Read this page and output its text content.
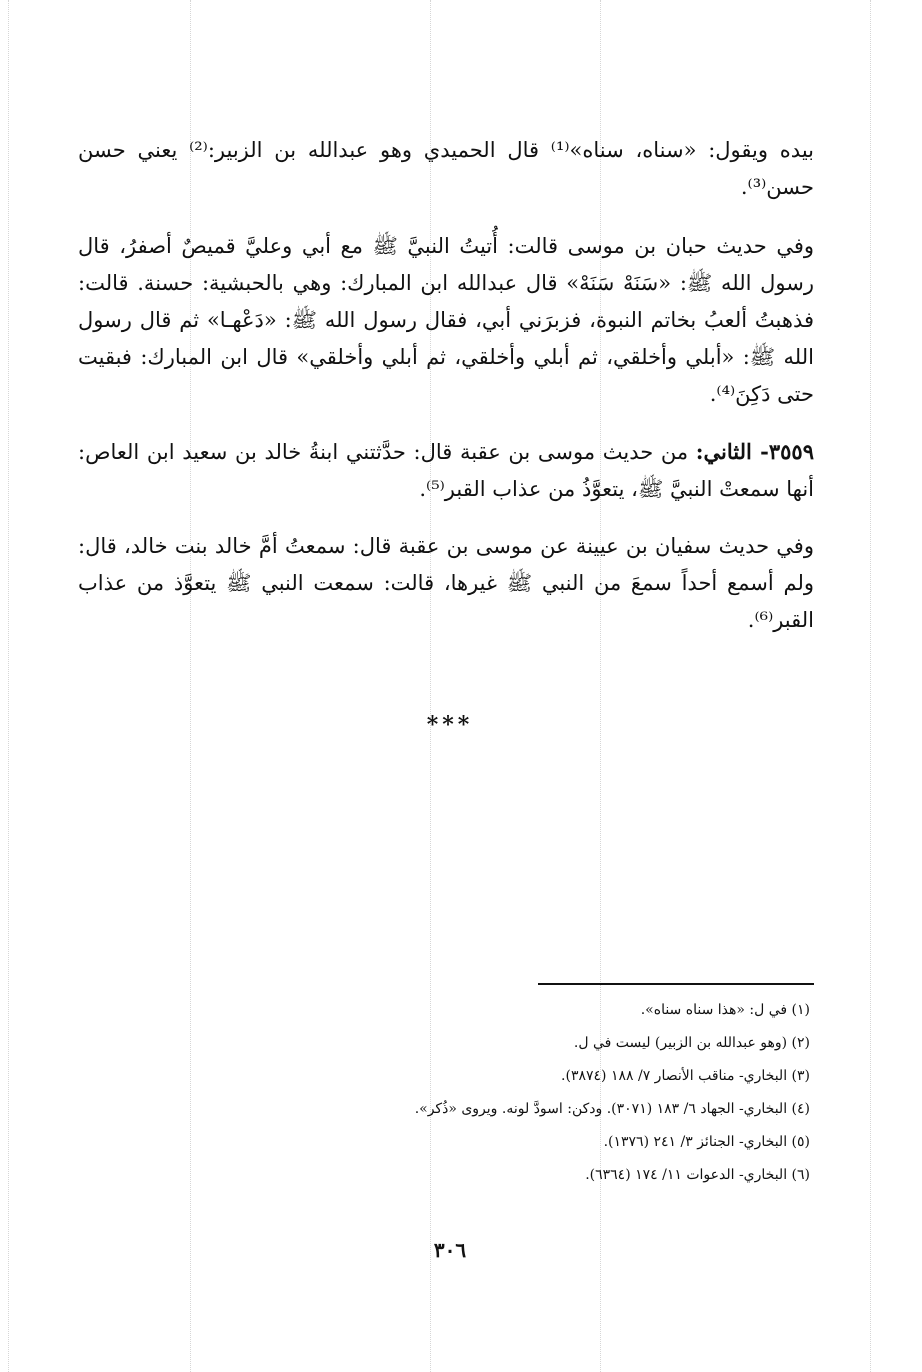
بيده ويقول: «سناه، سناه»⁽¹⁾ قال الحميدي وهو عبدالله بن الزبير:⁽²⁾ يعني حسن حسن⁽³⁾.

وفي حديث حبان بن موسى قالت: أُتيتُ النبيَّ ﷺ مع أبي وعليَّ قميصٌ أصفرُ، قال رسول الله ﷺ: «سَنَهْ سَنَهْ» قال عبدالله ابن المبارك: وهي بالحبشية: حسنة. قالت: فذهبتُ ألعبُ بخاتم النبوة، فزبرَني أبي، فقال رسول الله ﷺ: «دَعْهـا» ثم قال رسول الله ﷺ: «أبلي وأخلقي، ثم أبلي وأخلقي، ثم أبلي وأخلقي» قال ابن المبارك: فبقيت حتى دَكِنَ⁽⁴⁾.

٣٥٥٩- الثاني: من حديث موسى بن عقبة قال: حدَّثتني ابنةُ خالد بن سعيد ابن العاص: أنها سمعتْ النبيَّ ﷺ، يتعوَّذُ من عذاب القبر⁽⁵⁾.

وفي حديث سفيان بن عيينة عن موسى بن عقبة قال: سمعتُ أمَّ خالد بنت خالد، قال: ولم أسمع أحداً سمعَ من النبي ﷺ غيرها، قالت: سمعت النبي ﷺ يتعوَّذ من عذاب القبر⁽⁶⁾.

***
(١) في ل: «هذا سناه سناه».
(٢) (وهو عبدالله بن الزبير) ليست في ل.
(٣) البخاري- مناقب الأنصار ٧/ ١٨٨ (٣٨٧٤).
(٤) البخاري- الجهاد ٦/ ١٨٣ (٣٠٧١). ودكن: اسودَّ لونه. ويروى «ذُكر».
(٥) البخاري- الجنائز ٣/ ٢٤١ (١٣٧٦).
(٦) البخاري- الدعوات ١١/ ١٧٤ (٦٣٦٤).
٣٠٦
